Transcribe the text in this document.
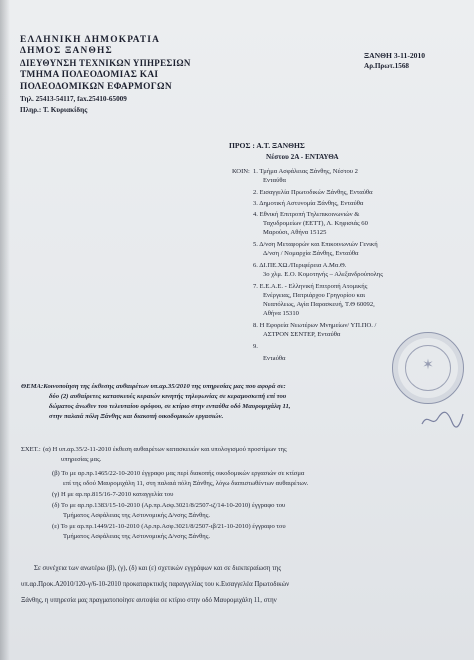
ΕΛΛΗΝΙΚΗ ΔΗΜΟΚΡΑΤΙΑ
ΔΗΜΟΣ ΞΑΝΘΗΣ
ΔΙΕΥΘΥΝΣΗ ΤΕΧΝΙΚΩΝ ΥΠΗΡΕΣΙΩΝ
ΤΜΗΜΑ ΠΟΛΕΟΔΟΜΙΑΣ ΚΑΙ
ΠΟΛΕΟΔΟΜΙΚΩΝ ΕΦΑΡΜΟΓΩΝ
Τηλ. 25413-54117, fax.25410-65009
Πληρ.: Τ. Κυριακίδης
ΞΑΝΘΗ 3-11-2010
Αρ.Πρωτ.1568
ΠΡΟΣ : Α.Τ. ΞΑΝΘΗΣ
Νέστου 2Α - ΕΝΤΑΥΘΑ
ΚΟΙΝ: 1. Τμήμα Ασφάλειας Ξάνθης, Νέστου 2
Ενταύθα
2. Εισαγγελία Πρωτοδικών Ξάνθης, Ενταύθα
3. Δημοτική Αστυνομία Ξάνθης, Ενταύθα
4. Εθνική Επιτροπή Τηλεπικοινωνιών &
Ταχυδρομείων (ΕΕΤΤ), Λ. Κηφισιάς 60
Μαρούσι, Αθήνα 15125
5. Δ/νση Μεταφορών και Επικοινωνιών Γενική
Δ/νση / Νομαρχία Ξάνθης, Ενταύθα
6. ΔΙ.ΠΕ.ΧΩ./Περιφέρεια Α.Μα.Θ.
3ο χλμ. Ε.Ο. Κομοτηνής – Αλεξανδρούπολης
7. Ε.Ε.Α.Ε. - Ελληνική Επιτροπή Ατομικής
Ενέργειας, Πατριάρχου Γρηγορίου και
Νεαπόλεως, Αγία Παρασκευή, Τ.Θ 60092,
Αθήνα 15310
8. Η Εφορεία Νεωτέρων Μνημείων/ ΥΠ.ΠΟ. /
ΑΣΤΡΟΝ ΣΕΝΤΕΡ, Ενταύθα
9.
Εντaύθα	✶
ΘΕΜΑ:Κοινοποίηση της έκθεσης αυθαιρέτων υπ.αρ.35/2010 της υπηρεσίας μας που αφορά σε:
δύο (2) αυθαίρετες κατασκευές κεραιών κινητής τηλεφωνίας σε κεραμοσκεπή επί του
δώματος άνωθεν του τελευταίου ορόφου, σε κτίριο στην ενταύθα οδό Μαυρομιχάλη 11,
στην παλαιά πόλη Ξάνθης και διακοπή οικοδομικών εργασιών.
ΣΧΕΤ.: (α) Η υπ.αρ.35/2-11-2010 έκθεση αυθαιρέτων κατασκευών και υπολογισμού προστίμων της
υπηρεσίας μας.
(β) Το με αρ.πρ.1465/22-10-2010 έγγραφο μας περί διακοπής οικοδομικών εργασιών σε κτίσμα
επί της οδού Μαυρομιχάλη 11, στη παλαιά πόλη Ξάνθης, λόγω διαπιστωθέντων αυθαιρέτων.
(γ) Η με αρ.πρ.815/16-7-2010 καταγγελία του
(δ) Το με αρ.πρ.1383/15-10-2010 (Αρ.πρ.Ασφ.3021/8/2507-ιζ/14-10-2010) έγγραφο του
Τμήματος Ασφάλειας της Αστυνομικής Δ/νσης Ξάνθης.
(ε) Το με αρ.πρ.1449/21-10-2010 (Αρ.πρ.Ασφ.3021/8/2507-ιβ/21-10-2010) έγγραφο του
Τμήματος Ασφάλειας της Αστυνομικής Δ/νσης Ξάνθης.
Σε συνέχεια των ανωτέρω (β), (γ), (δ) και (ε) σχετικών εγγράφων και σε διεκπεραίωση της
υπ.αρ.Προκ.Α2010/120-γ/6-10-2010 προκαταρκτικής παραγγελίας του κ.Εισαγγελέα Πρωτοδικών
Ξάνθης, η υπηρεσία μας πραγματοποίησε αυτοψία σε κτίριο στην οδό Μαυρομιχάλη 11, στην
